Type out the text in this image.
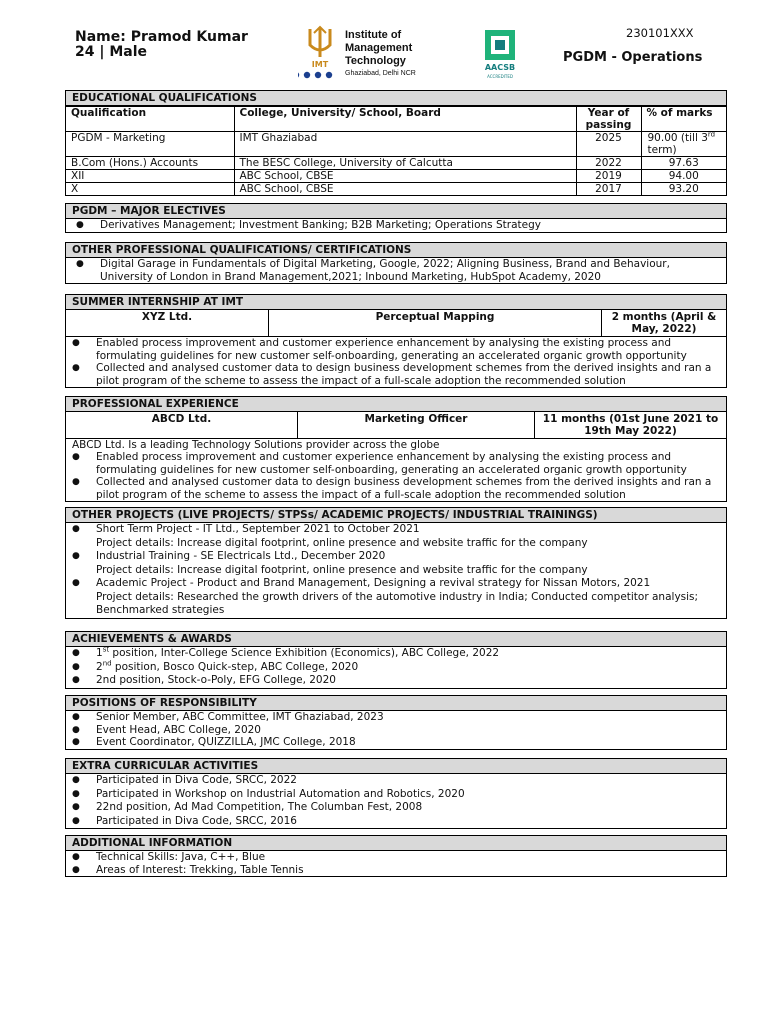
Name: Pramod Kumar
24 | Male
IMT
Institute of
Management Technology
Ghaziabad, Delhi NCR
AACSB
ACCREDITED
230101XXX
PGDM - Operations
EDUCATIONAL QUALIFICATIONS
Qualification	College, University/ School, Board	Year of passing	% of marks
PGDM - Marketing	IMT Ghaziabad	2025	90.00 (till 3rd term)
B.Com (Hons.) Accounts	The BESC College, University of Calcutta	2022	97.63
XII	ABC School, CBSE	2019	94.00
X	ABC School, CBSE	2017	93.20
PGDM – MAJOR ELECTIVES
● Derivatives Management; Investment Banking; B2B Marketing; Operations Strategy
OTHER PROFESSIONAL QUALIFICATIONS/ CERTIFICATIONS
● Digital Garage in Fundamentals of Digital Marketing, Google, 2022; Aligning Business, Brand and Behaviour, University of London in Brand Management,2021; Inbound Marketing, HubSpot Academy, 2020
SUMMER INTERNSHIP AT IMT
XYZ Ltd.	Perceptual Mapping	2 months (April & May, 2022)
● Enabled process improvement and customer experience enhancement by analysing the existing process and formulating guidelines for new customer self-onboarding, generating an accelerated organic growth opportunity
● Collected and analysed customer data to design business development schemes from the derived insights and ran a pilot program of the scheme to assess the impact of a full-scale adoption the recommended solution
PROFESSIONAL EXPERIENCE
ABCD Ltd.	Marketing Officer	11 months (01st June 2021 to 19th May 2022)
ABCD Ltd. Is a leading Technology Solutions provider across the globe
● Enabled process improvement and customer experience enhancement by analysing the existing process and formulating guidelines for new customer self-onboarding, generating an accelerated organic growth opportunity
● Collected and analysed customer data to design business development schemes from the derived insights and ran a pilot program of the scheme to assess the impact of a full-scale adoption the recommended solution
OTHER PROJECTS (LIVE PROJECTS/ STPSs/ ACADEMIC PROJECTS/ INDUSTRIAL TRAININGS)
● Short Term Project - IT Ltd., September 2021 to October 2021
Project details: Increase digital footprint, online presence and website traffic for the company
● Industrial Training - SE Electricals Ltd., December 2020
Project details: Increase digital footprint, online presence and website traffic for the company
● Academic Project - Product and Brand Management, Designing a revival strategy for Nissan Motors, 2021
Project details: Researched the growth drivers of the automotive industry in India; Conducted competitor analysis; Benchmarked strategies
ACHIEVEMENTS & AWARDS
● 1st position, Inter-College Science Exhibition (Economics), ABC College, 2022
● 2nd position, Bosco Quick-step, ABC College, 2020
● 2nd position, Stock-o-Poly, EFG College, 2020
POSITIONS OF RESPONSIBILITY
● Senior Member, ABC Committee, IMT Ghaziabad, 2023
● Event Head, ABC College, 2020
● Event Coordinator, QUIZZILLA, JMC College, 2018
EXTRA CURRICULAR ACTIVITIES
● Participated in Diva Code, SRCC, 2022
● Participated in Workshop on Industrial Automation and Robotics, 2020
● 22nd position, Ad Mad Competition, The Columban Fest, 2008
● Participated in Diva Code, SRCC, 2016
ADDITIONAL INFORMATION
● Technical Skills: Java, C++, Blue
● Areas of Interest: Trekking, Table Tennis
